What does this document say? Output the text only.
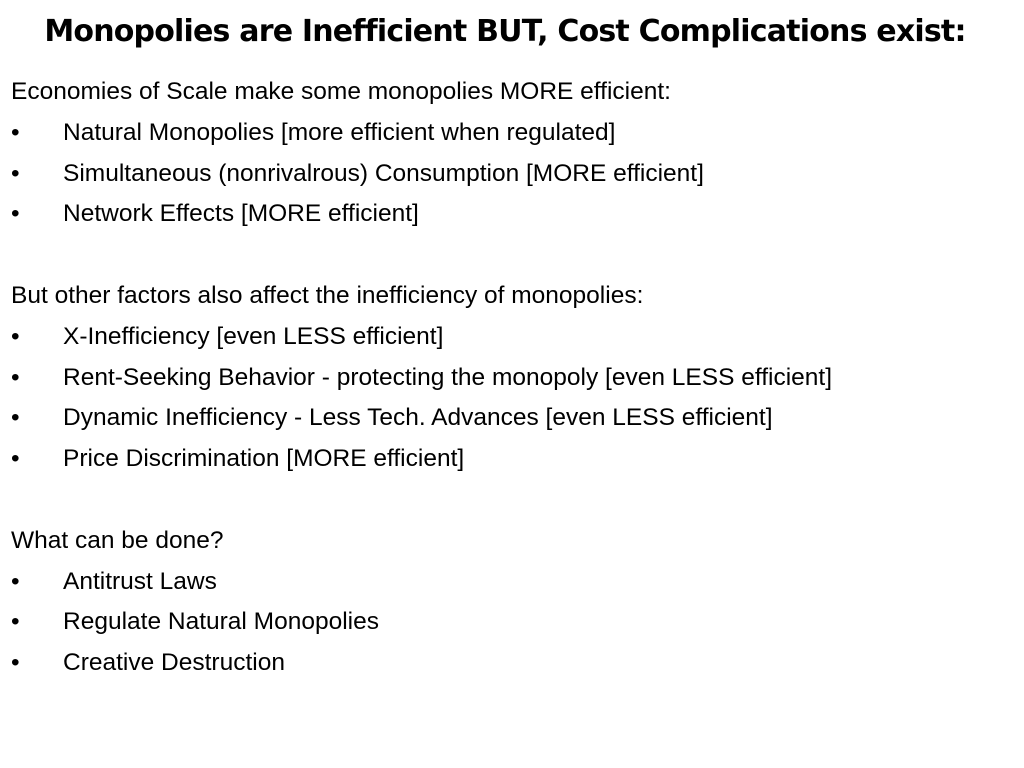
Monopolies are Inefficient BUT, Cost Complications exist:

Economies of Scale make some monopolies MORE efficient:

•	Natural Monopolies [more efficient when regulated]
•	Simultaneous (nonrivalrous) Consumption [MORE efficient]
•	Network Effects [MORE efficient]

But other factors also affect the inefficiency of monopolies:

•	X-Inefficiency [even LESS efficient]
•	Rent-Seeking Behavior - protecting the monopoly [even LESS efficient]
•	Dynamic Inefficiency - Less Tech. Advances [even LESS efficient]
•	Price Discrimination [MORE efficient]

What can be done?

•	Antitrust Laws
•	Regulate Natural Monopolies
•	Creative Destruction
